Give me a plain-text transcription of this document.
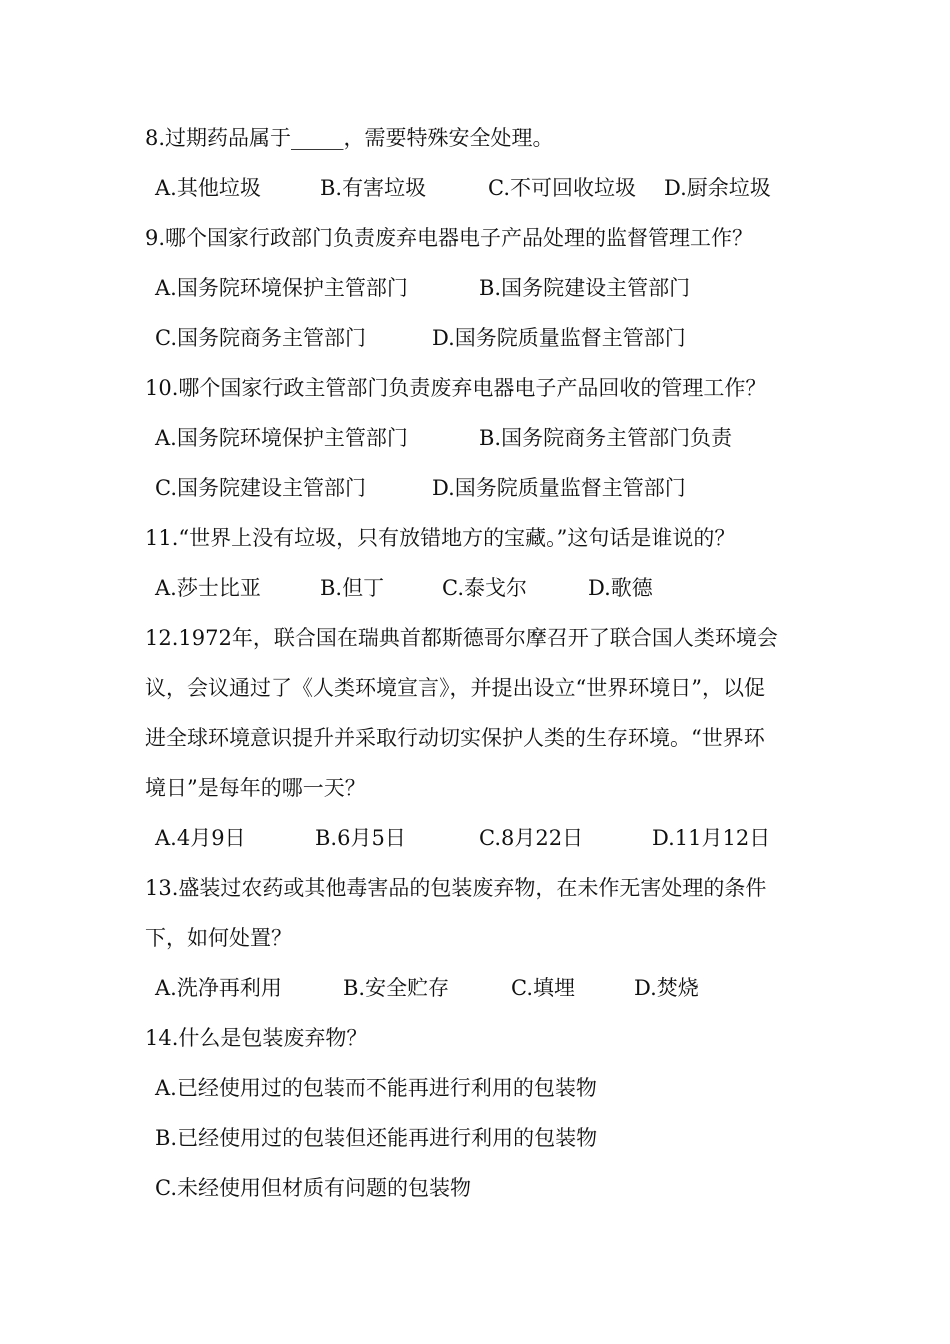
8.过期药品属于_____，需要特殊安全处理。
A.其他垃圾	B.有害垃圾	C.不可回收垃圾 D.厨余垃圾
9.哪个国家行政部门负责废弃电器电子产品处理的监督管理工作？
A.国务院环境保护主管部门	B.国务院建设主管部门
C.国务院商务主管部门	D.国务院质量监督主管部门
10.哪个国家行政主管部门负责废弃电器电子产品回收的管理工作？
A.国务院环境保护主管部门	B.国务院商务主管部门负责
C.国务院建设主管部门	D.国务院质量监督主管部门
11.“世界上没有垃圾，只有放错地方的宝藏。”这句话是谁说的？
A.莎士比亚	B.但丁	C.泰戈尔	D.歌德
12.1972年，联合国在瑞典首都斯德哥尔摩召开了联合国人类环境会
议，会议通过了《人类环境宣言》，并提出设立“世界环境日”，以促
进全球环境意识提升并采取行动切实保护人类的生存环境。“世界环
境日”是每年的哪一天？
A.4月9日	B.6月5日	C.8月22日	D.11月12日
13.盛装过农药或其他毒害品的包装废弃物，在未作无害处理的条件
下，如何处置？
A.洗净再利用	B.安全贮存	C.填埋	D.焚烧
14.什么是包装废弃物？
A.已经使用过的包装而不能再进行利用的包装物
B.已经使用过的包装但还能再进行利用的包装物
C.未经使用但材质有问题的包装物
